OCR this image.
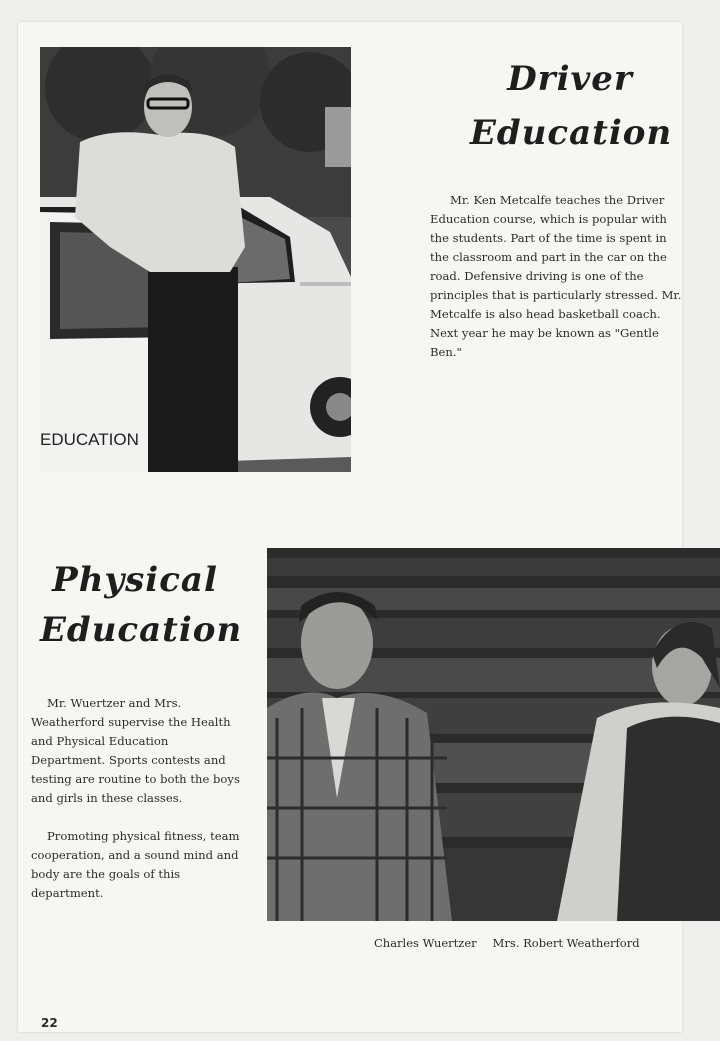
EDUCATION
Driver
Education

Mr. Ken Metcalfe teaches the Driver Education course, which is popular with the students. Part of the time is spent in the classroom and part in the car on the road. Defensive driving is one of the principles that is particularly stressed. Mr. Metcalfe is also head basketball coach. Next year he may be known as "Gentle Ben."

Physical
Education

Mr. Wuertzer and Mrs. Weatherford supervise the Health and Physical Education Department. Sports contests and testing are routine to both the boys and girls in these classes.

Promoting physical fitness, team cooperation, and a sound mind and body are the goals of this department.

Charles Wuertzer Mrs. Robert Weatherford
22
